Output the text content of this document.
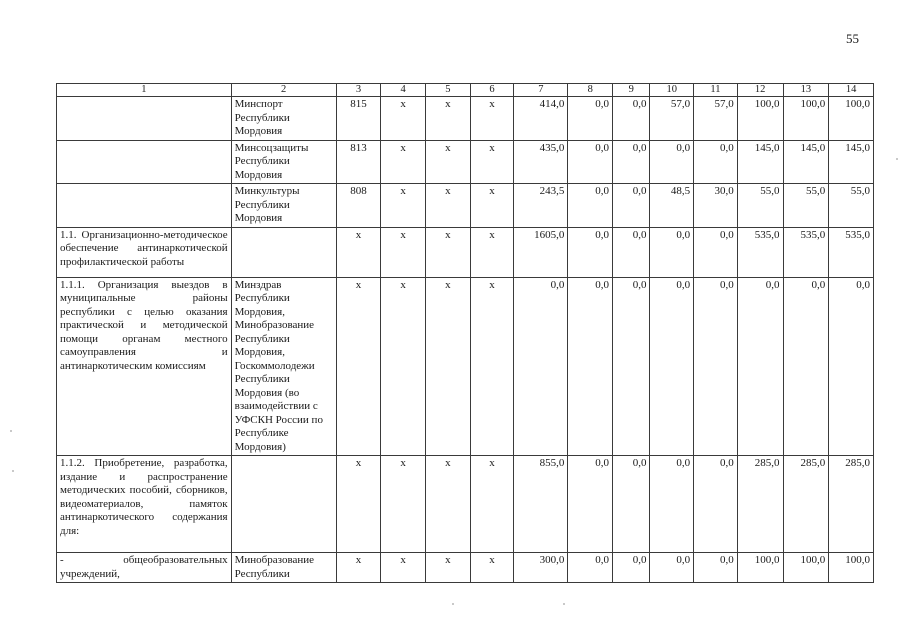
55
1	2	3	4	5	6	7	8	9	10	11	12	13	14
	Минспорт Республики Мордовия	815	х	х	х	414,0	0,0	0,0	57,0	57,0	100,0	100,0	100,0
	Минсоцзащиты Республики Мордовия	813	х	х	х	435,0	0,0	0,0	0,0	0,0	145,0	145,0	145,0
	Минкультуры Республики Мордовия	808	х	х	х	243,5	0,0	0,0	48,5	30,0	55,0	55,0	55,0
1.1. Организационно-методическое обеспечение антинаркотической профилактической работы		х	х	х	х	1605,0	0,0	0,0	0,0	0,0	535,0	535,0	535,0
1.1.1. Организация выездов в муниципальные районы республики с целью оказания практической и методической помощи органам местного самоуправления и антинаркотическим комиссиям	Минздрав Республики Мордовия, Минобразование Республики Мордовия, Госкоммолодежи Республики Мордовия (во взаимодействии с УФСКН России по Республике Мордовия)	х	х	х	х	0,0	0,0	0,0	0,0	0,0	0,0	0,0	0,0
1.1.2. Приобретение, разработка, издание и распространение методических пособий, сборников, видеоматериалов, памяток антинаркотического содержания для:		х	х	х	х	855,0	0,0	0,0	0,0	0,0	285,0	285,0	285,0
- общеобразовательных учреждений,	Минобразование Республики	х	х	х	х	300,0	0,0	0,0	0,0	0,0	100,0	100,0	100,0
